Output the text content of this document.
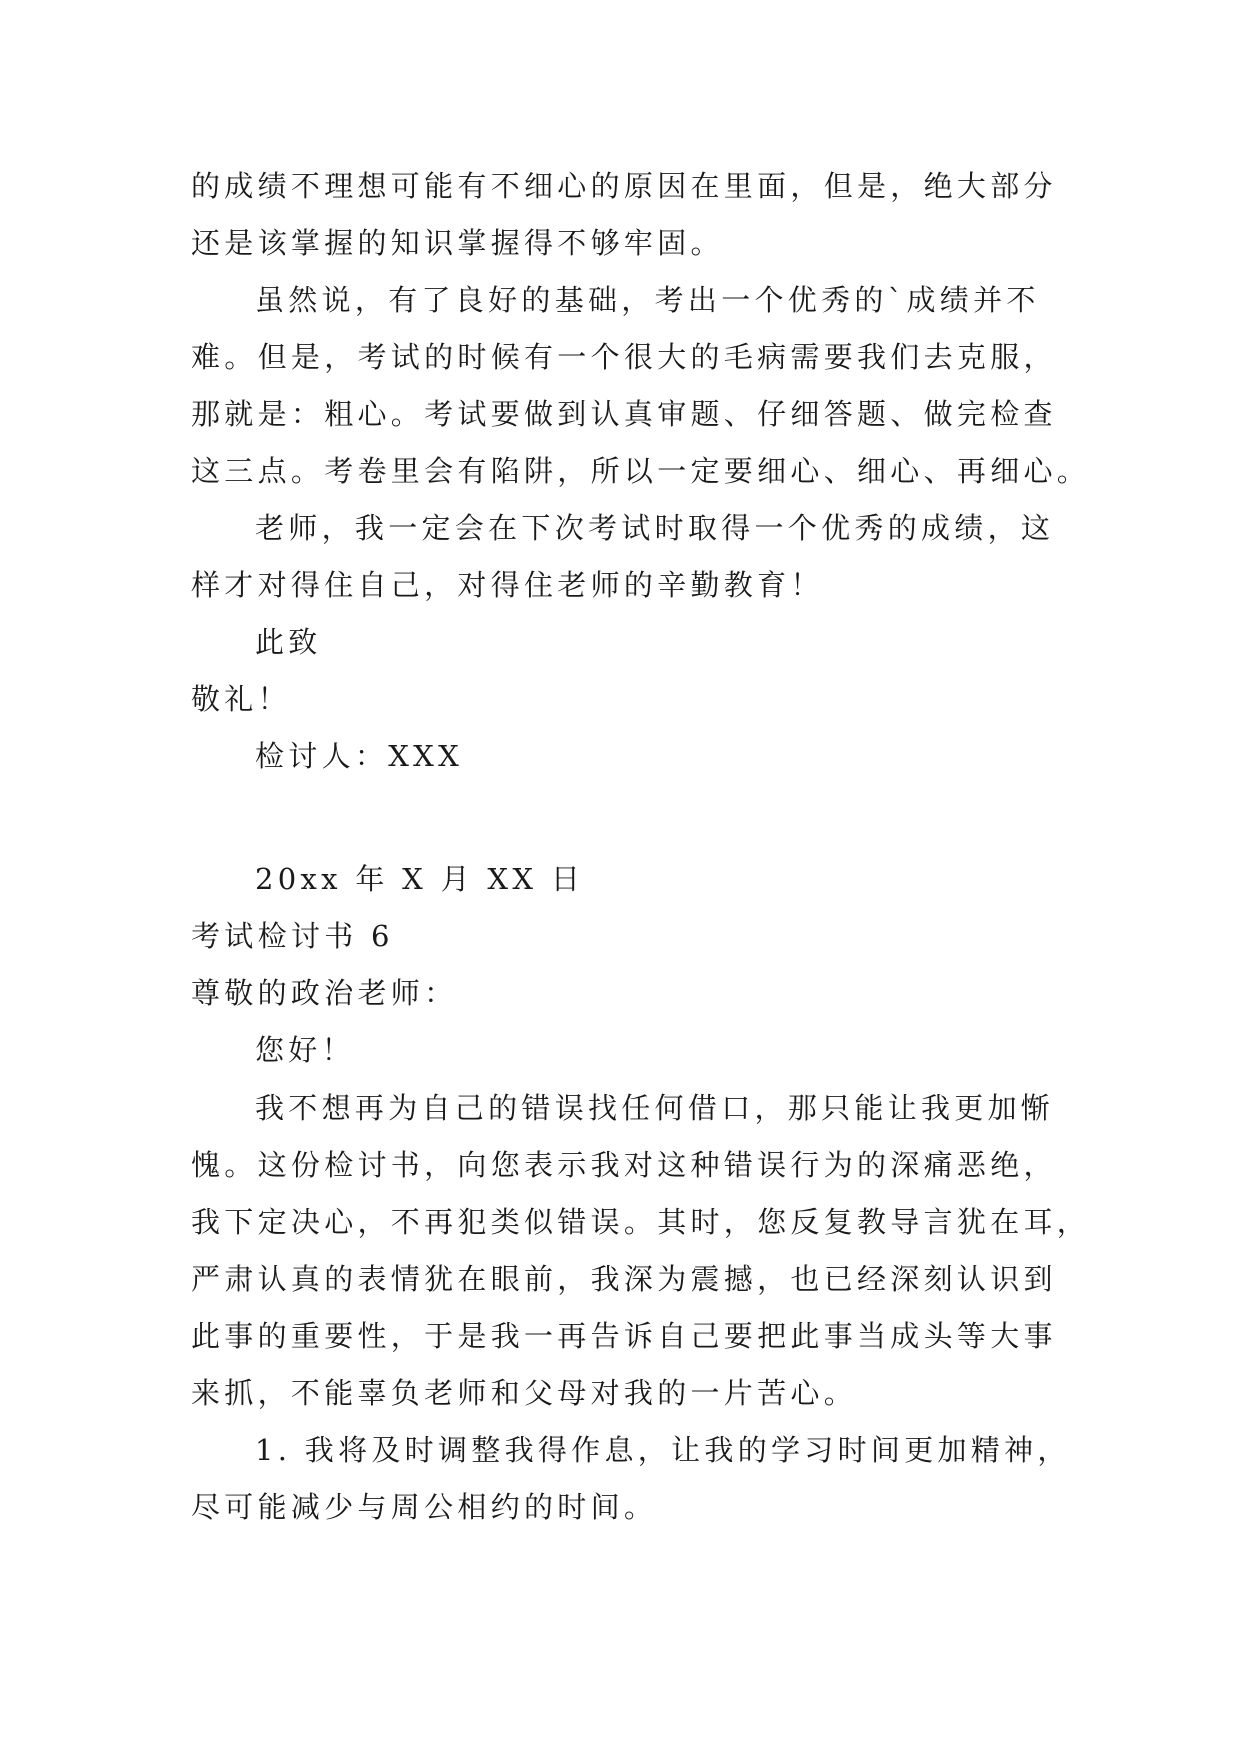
的成绩不理想可能有不细心的原因在里面，但是，绝大部分
还是该掌握的知识掌握得不够牢固。
虽然说，有了良好的基础，考出一个优秀的`成绩并不
难。但是，考试的时候有一个很大的毛病需要我们去克服，
那就是：粗心。考试要做到认真审题、仔细答题、做完检查
这三点。考卷里会有陷阱，所以一定要细心、细心、再细心。
老师，我一定会在下次考试时取得一个优秀的成绩，这
样才对得住自己，对得住老师的辛勤教育！
此致
敬礼！
检讨人：XXX
20xx 年 X 月 XX 日
考试检讨书 6
尊敬的政治老师：
您好！
我不想再为自己的错误找任何借口，那只能让我更加惭
愧。这份检讨书，向您表示我对这种错误行为的深痛恶绝，
我下定决心，不再犯类似错误。其时，您反复教导言犹在耳，
严肃认真的表情犹在眼前，我深为震撼，也已经深刻认识到
此事的重要性，于是我一再告诉自己要把此事当成头等大事
来抓，不能辜负老师和父母对我的一片苦心。
1. 我将及时调整我得作息，让我的学习时间更加精神，
尽可能减少与周公相约的时间。
